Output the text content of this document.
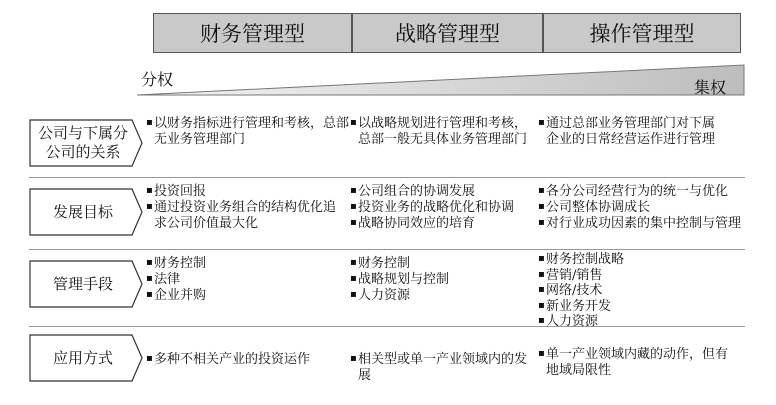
财务管理型	战略管理型	操作管理型
分权	集权
公司与下属分公司的关系
发展目标
管理手段
应用方式
▪ 以财务指标进行管理和考核，总部无业务管理部门
▪ 以战略规划进行管理和考核，总部一般无具体业务管理部门
▪ 通过总部业务管理部门对下属企业的日常经营运作进行管理
▪ 投资回报
▪ 通过投资业务组合的结构优化追求公司价值最大化
▪ 公司组合的协调发展
▪ 投资业务的战略优化和协调
▪ 战略协同效应的培育
▪ 各分公司经营行为的统一与优化
▪ 公司整体协调成长
▪ 对行业成功因素的集中控制与管理
▪ 财务控制
▪ 法律
▪ 企业并购
▪ 财务控制
▪ 战略规划与控制
▪ 人力资源
▪ 财务控制战略
▪ 营销/销售
▪ 网络/技术
▪ 新业务开发
▪ 人力资源
▪ 多种不相关产业的投资运作
▪	相关型或单一产业领域内的发展
▪ 单一产业领域内藏的动作，但有地域局限性
